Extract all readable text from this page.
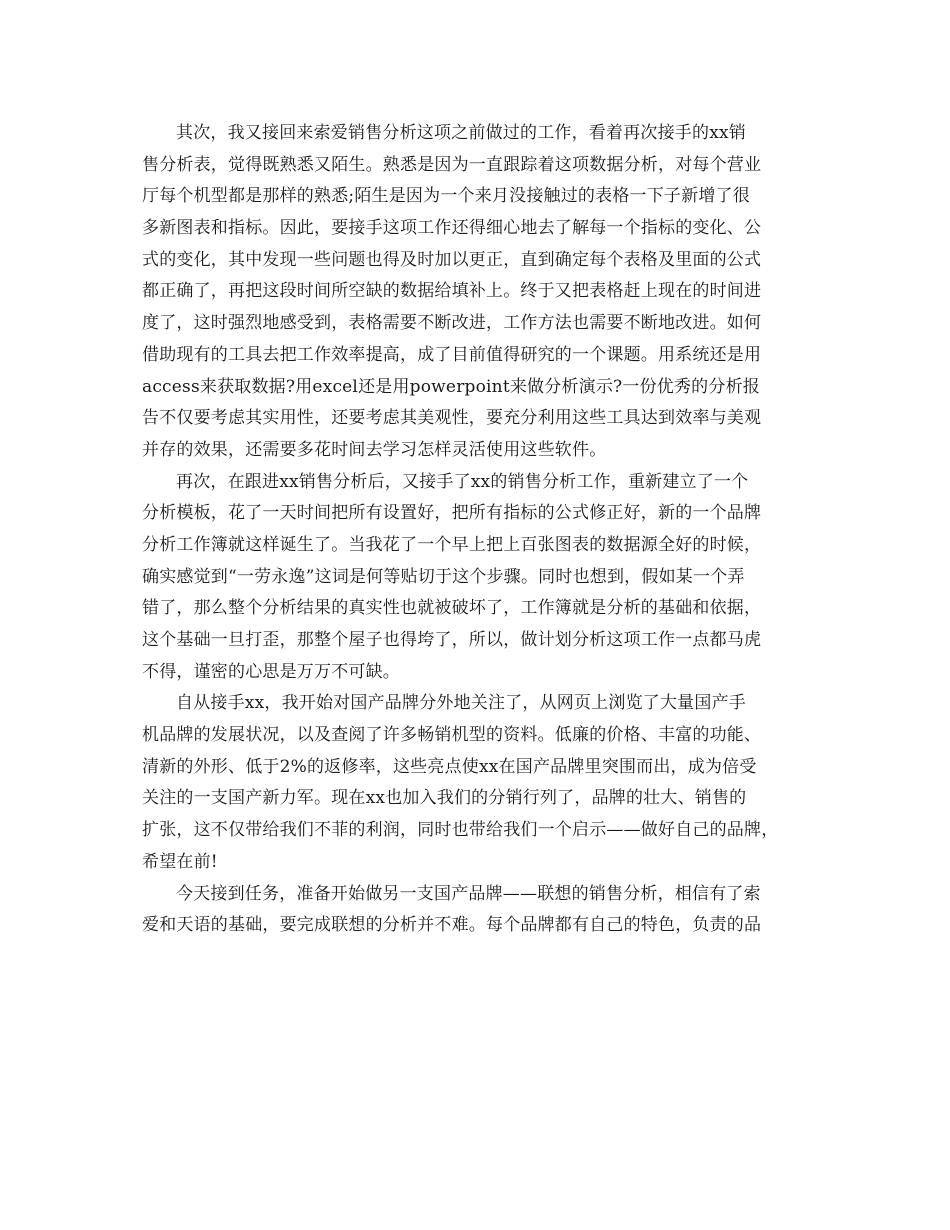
其次，我又接回来索爱销售分析这项之前做过的工作，看着再次接手的xx销
售分析表，觉得既熟悉又陌生。熟悉是因为一直跟踪着这项数据分析，对每个营业
厅每个机型都是那样的熟悉;陌生是因为一个来月没接触过的表格一下子新增了很
多新图表和指标。因此，要接手这项工作还得细心地去了解每一个指标的变化、公
式的变化，其中发现一些问题也得及时加以更正，直到确定每个表格及里面的公式
都正确了，再把这段时间所空缺的数据给填补上。终于又把表格赶上现在的时间进
度了，这时强烈地感受到，表格需要不断改进，工作方法也需要不断地改进。如何
借助现有的工具去把工作效率提高，成了目前值得研究的一个课题。用系统还是用
access来获取数据?用excel还是用powerpoint来做分析演示?一份优秀的分析报
告不仅要考虑其实用性，还要考虑其美观性，要充分利用这些工具达到效率与美观
并存的效果，还需要多花时间去学习怎样灵活使用这些软件。
再次，在跟进xx销售分析后，又接手了xx的销售分析工作，重新建立了一个
分析模板，花了一天时间把所有设置好，把所有指标的公式修正好，新的一个品牌
分析工作簿就这样诞生了。当我花了一个早上把上百张图表的数据源全好的时候，
确实感觉到“一劳永逸”这词是何等贴切于这个步骤。同时也想到，假如某一个弄
错了，那么整个分析结果的真实性也就被破坏了，工作簿就是分析的基础和依据，
这个基础一旦打歪，那整个屋子也得垮了，所以，做计划分析这项工作一点都马虎
不得，谨密的心思是万万不可缺。
自从接手xx，我开始对国产品牌分外地关注了，从网页上浏览了大量国产手
机品牌的发展状况，以及查阅了许多畅销机型的资料。低廉的价格、丰富的功能、
清新的外形、低于2%的返修率，这些亮点使xx在国产品牌里突围而出，成为倍受
关注的一支国产新力军。现在xx也加入我们的分销行列了，品牌的壮大、销售的
扩张，这不仅带给我们不菲的利润，同时也带给我们一个启示——做好自己的品牌，
希望在前!
今天接到任务，准备开始做另一支国产品牌——联想的销售分析，相信有了索
爱和天语的基础，要完成联想的分析并不难。每个品牌都有自己的特色，负责的品
